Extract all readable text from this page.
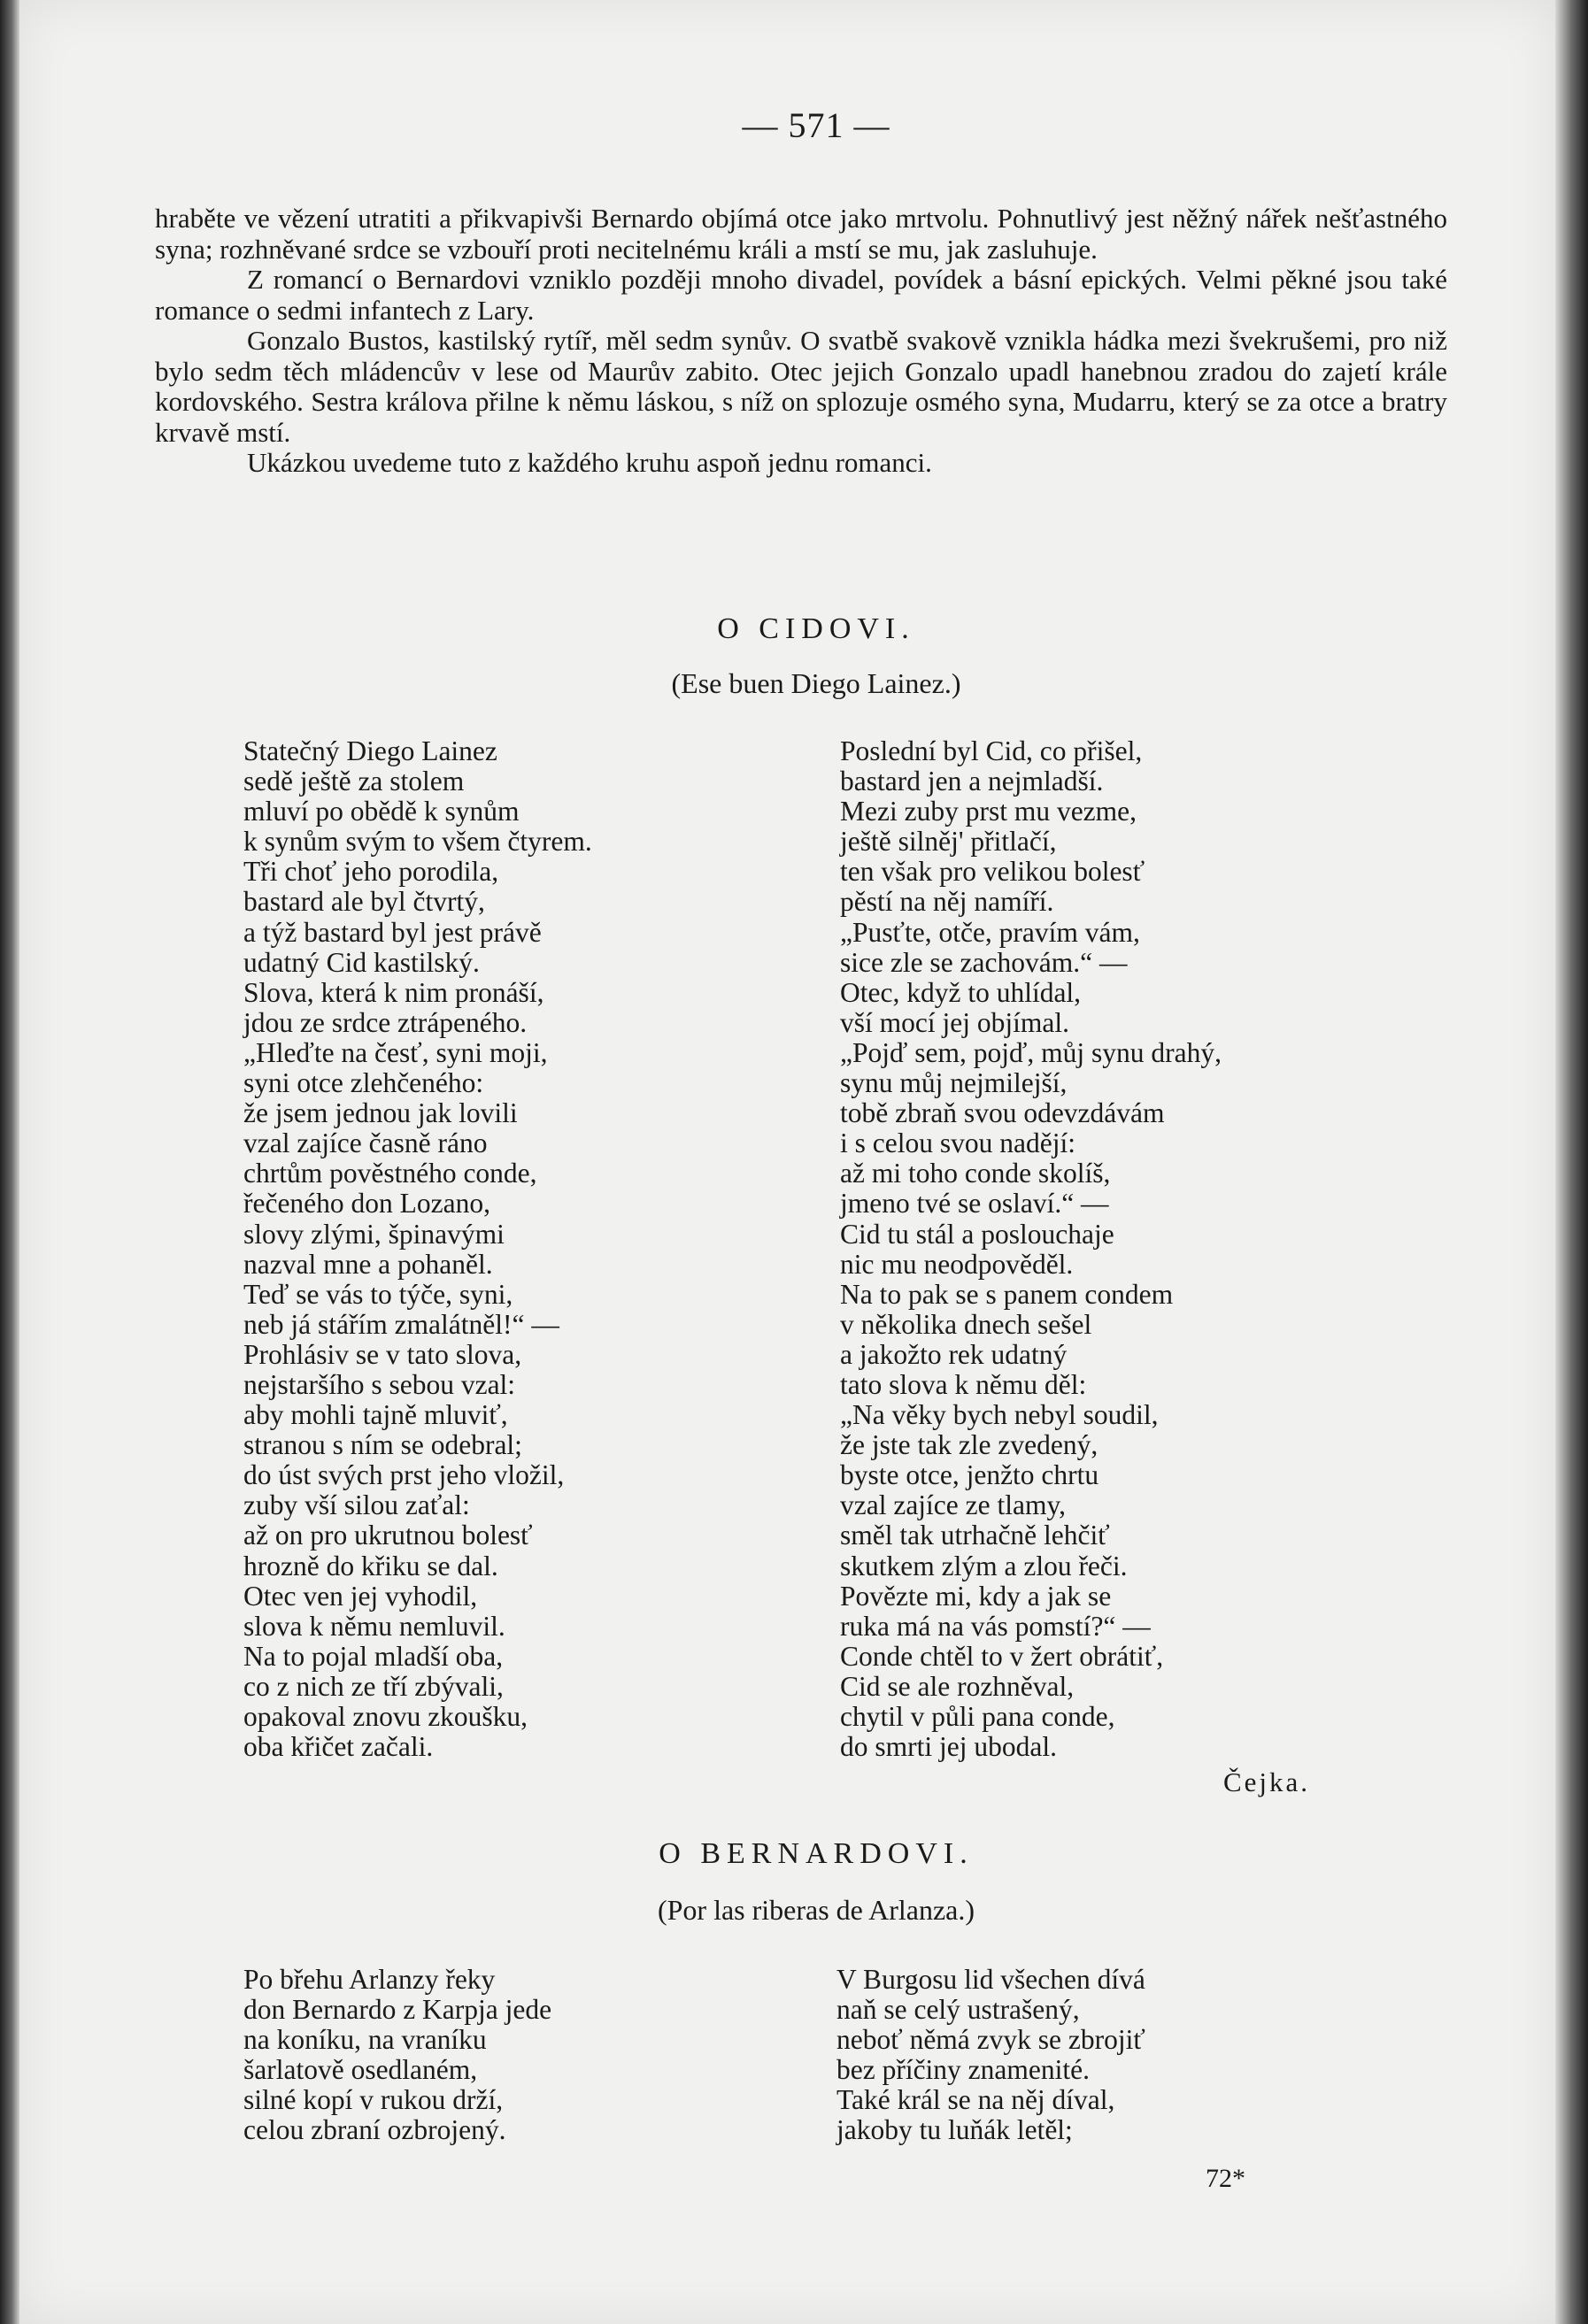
— 571 —

hraběte ve vězení utratiti a přikvapivši Bernardo objímá otce jako mrtvolu. Pohnutlivý jest něžný nářek nešťastného syna; rozhněvané srdce se vzbouří proti necitelnému králi a mstí se mu, jak zasluhuje.

Z romancí o Bernardovi vzniklo později mnoho divadel, povídek a básní epických. Velmi pěkné jsou také romance o sedmi infantech z Lary.

Gonzalo Bustos, kastilský rytíř, měl sedm synův. O svatbě svakově vznikla hádka mezi švekrušemi, pro niž bylo sedm těch mládencův v lese od Maurův zabito. Otec jejich Gonzalo upadl hanebnou zradou do zajetí krále kordovského. Sestra králova přilne k němu láskou, s níž on splozuje osmého syna, Mudarru, který se za otce a bratry krvavě mstí.

Ukázkou uvedeme tuto z každého kruhu aspoň jednu romanci.

O CIDOVI.
(Ese buen Diego Lainez.)
Statečný Diego Lainez
sedě ještě za stolem
mluví po obědě k synům
k synům svým to všem čtyrem.
Tři choť jeho porodila,
bastard ale byl čtvrtý,
a týž bastard byl jest právě
udatný Cid kastilský.
Slova, která k nim pronáší,
jdou ze srdce ztrápeného.
„Hleďte na česť, syni moji,
syni otce zlehčeného:
že jsem jednou jak lovili
vzal zajíce časně ráno
chrtům pověstného conde,
řečeného don Lozano,
slovy zlými, špinavými
nazval mne a pohaněl.
Teď se vás to týče, syni,
neb já stářím zmalátněl!“ —
Prohlásiv se v tato slova,
nejstaršího s sebou vzal:
aby mohli tajně mluviť,
stranou s ním se odebral;
do úst svých prst jeho vložil,
zuby vší silou zaťal:
až on pro ukrutnou bolesť
hrozně do křiku se dal.
Otec ven jej vyhodil,
slova k němu nemluvil.
Na to pojal mladší oba,
co z nich ze tří zbývali,
opakoval znovu zkoušku,
oba křičet začali.
Poslední byl Cid, co přišel,
bastard jen a nejmladší.
Mezi zuby prst mu vezme,
ještě silněj' přitlačí,
ten však pro velikou bolesť
pěstí na něj namíří.
„Pusťte, otče, pravím vám,
sice zle se zachovám.“ —
Otec, když to uhlídal,
vší mocí jej objímal.
„Pojď sem, pojď, můj synu drahý,
synu můj nejmilejší,
tobě zbraň svou odevzdávám
i s celou svou nadějí:
až mi toho conde skolíš,
jmeno tvé se oslaví.“ —
Cid tu stál a poslouchaje
nic mu neodpověděl.
Na to pak se s panem condem
v několika dnech sešel
a jakožto rek udatný
tato slova k němu děl:
„Na věky bych nebyl soudil,
že jste tak zle zvedený,
byste otce, jenžto chrtu
vzal zajíce ze tlamy,
směl tak utrhačně lehčiť
skutkem zlým a zlou řeči.
Povězte mi, kdy a jak se
ruka má na vás pomstí?“ —
Conde chtěl to v žert obrátiť,
Cid se ale rozhněval,
chytil v půli pana conde,
do smrti jej ubodal.
Čejka.
O BERNARDOVI.
(Por las riberas de Arlanza.)
Po břehu Arlanzy řeky
don Bernardo z Karpja jede
na koníku, na vraníku
šarlatově osedlaném,
silné kopí v rukou drží,
celou zbraní ozbrojený.
V Burgosu lid všechen dívá
naň se celý ustrašený,
neboť němá zvyk se zbrojiť
bez příčiny znamenité.
Také král se na něj díval,
jakoby tu luňák letěl;
72*
